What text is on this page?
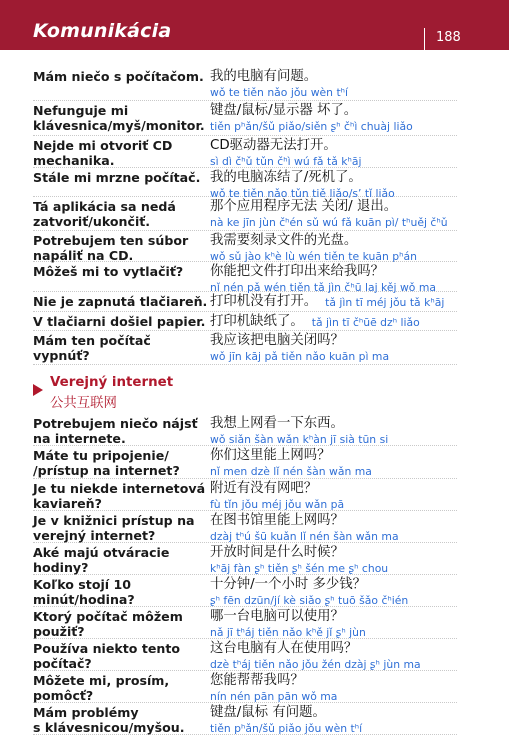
Komunikácia	188
Mám niečo s počítačom. 我的电脑有问题。
wǒ te tiěn nǎo jǒu wèn tʰí
Nefunguje mi
klávesnica/myš/monitor.
键盘/鼠标/显示器 坏了。
tiěn pʰǎn/šǔ piǎo/siěn ʂʰ čʰì chuàj liǎo
Nejde mi otvoriť CD
mechanika.
CD驱动器无法打开。
sì dì čʰǔ tǔn čʰì wú fǎ tǎ kʰāj
Stále mi mrzne počítač. 我的电脑冻结了/死机了。
wǒ te tiěn nǎo tǔn tiě liǎo/sʼ tǐ liǎo
Tá aplikácia sa nedá
zatvoriť/ukončiť.
那个应用程序无法 关闭/ 退出。
nà ke jīn jùn čʰén sǔ wú fǎ kuān pì/ tʰuěj čʰǔ
Potrebujem ten súbor
napáliť na CD.
我需要刻录文件的光盘。
wǒ sǔ jào kʰè lù wén tiěn te kuān pʰán
Môžeš mi to vytlačiť?	你能把文件打印出来给我吗？
nǐ nén pǎ wén tiěn tǎ jìn čʰū laj kěj wǒ ma
Nie je zapnutá tlačiareň. 打印机没有打开。 tǎ jìn tī méj jǒu tǎ kʰāj
V tlačiarni došiel papier. 打印机缺纸了。 tǎ jìn tī čʰūē dzʰ liǎo
Mám ten počítač vypnúť?
我应该把电脑关闭吗？
wǒ jīn kāj pǎ tiěn nǎo kuān pì ma
Potrebujem niečo nájsť
na internete.
我想上网看一下东西。
wǒ siǎn šàn wǎn kʰàn jī sià tūn si
Máte tu pripojenie/
/prístup na internet?
你们这里能上网吗？
nǐ men dzè lǐ nén šàn wǎn ma
Je tu niekde internetová
kaviareň?
附近有没有网吧？
fù tǐn jǒu méj jǒu wǎn pā
Je v knižnici prístup na
verejný internet?
在图书馆里能上网吗？
dzàj tʰú šū kuǎn lǐ nén šàn wǎn ma
Aké majú otváracie
hodiny?
开放时间是什么时候？
kʰāj fàn ʂʰ tiěn ʂʰ šén me ʂʰ chou
Koľko stojí 10
minút/hodina?
十分钟/一个小时 多少钱？
ʂʰ fēn dzūn/jí kè siǎo ʂʰ tuō šǎo čʰién
Ktorý počítač môžem
použiť?
哪一台电脑可以使用？
nǎ jī tʰáj tiěn nǎo kʰě jǐ ʂʰ jùn
Používa niekto tento
počítač?
这台电脑有人在使用吗？
dzè tʰáj tiěn nǎo jǒu žén dzàj ʂʰ jùn ma
Môžete mi, prosím,
pomôcť?
您能帮帮我吗？
nín nén pān pān wǒ ma
Mám problémy
s klávesnicou/myšou.
键盘/鼠标 有问题。
tiěn pʰǎn/šǔ piǎo jǒu wèn tʰí
Verejný internet
公共互联网
